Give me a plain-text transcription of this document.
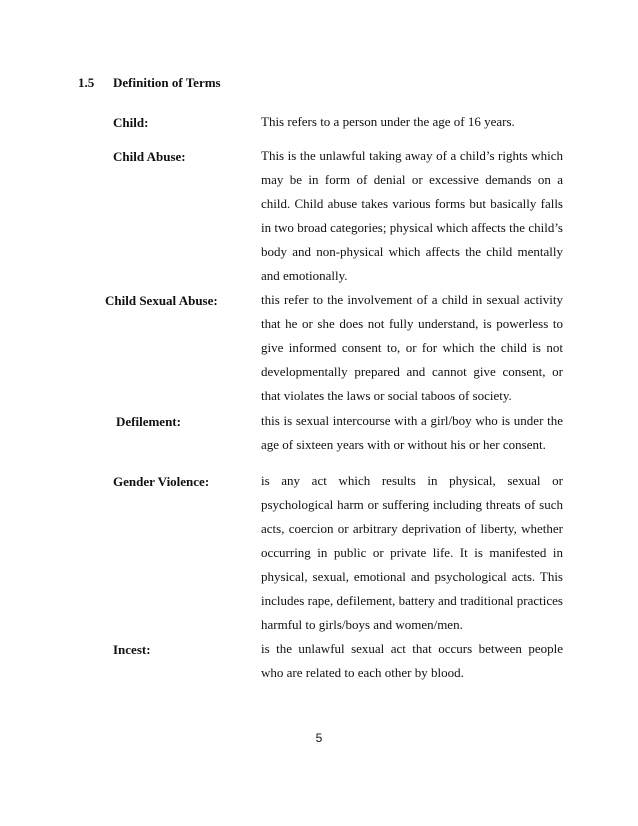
1.5 Definition of Terms
Child:	This refers to a person under the age of 16 years.
Child Abuse:	This is the unlawful taking away of a child’s rights which may be in form of denial or excessive demands on a child. Child abuse takes various forms but basically falls in two broad categories; physical which affects the child’s body and non-physical which affects the child mentally and emotionally.
Child Sexual Abuse:	this refer to the involvement of a child in sexual activity that he or she does not fully understand, is powerless to give informed consent to, or for which the child is not developmentally prepared and cannot give consent, or that violates the laws or social taboos of society.
Defilement:	this is sexual intercourse with a girl/boy who is under the age of sixteen years with or without his or her consent.
Gender Violence:	is any act which results in physical, sexual or psychological harm or suffering including threats of such acts, coercion or arbitrary deprivation of liberty, whether occurring in public or private life. It is manifested in physical, sexual, emotional and psychological acts. This includes rape, defilement, battery and traditional practices harmful to girls/boys and women/men.
Incest:	is the unlawful sexual act that occurs between people who are related to each other by blood.
5
